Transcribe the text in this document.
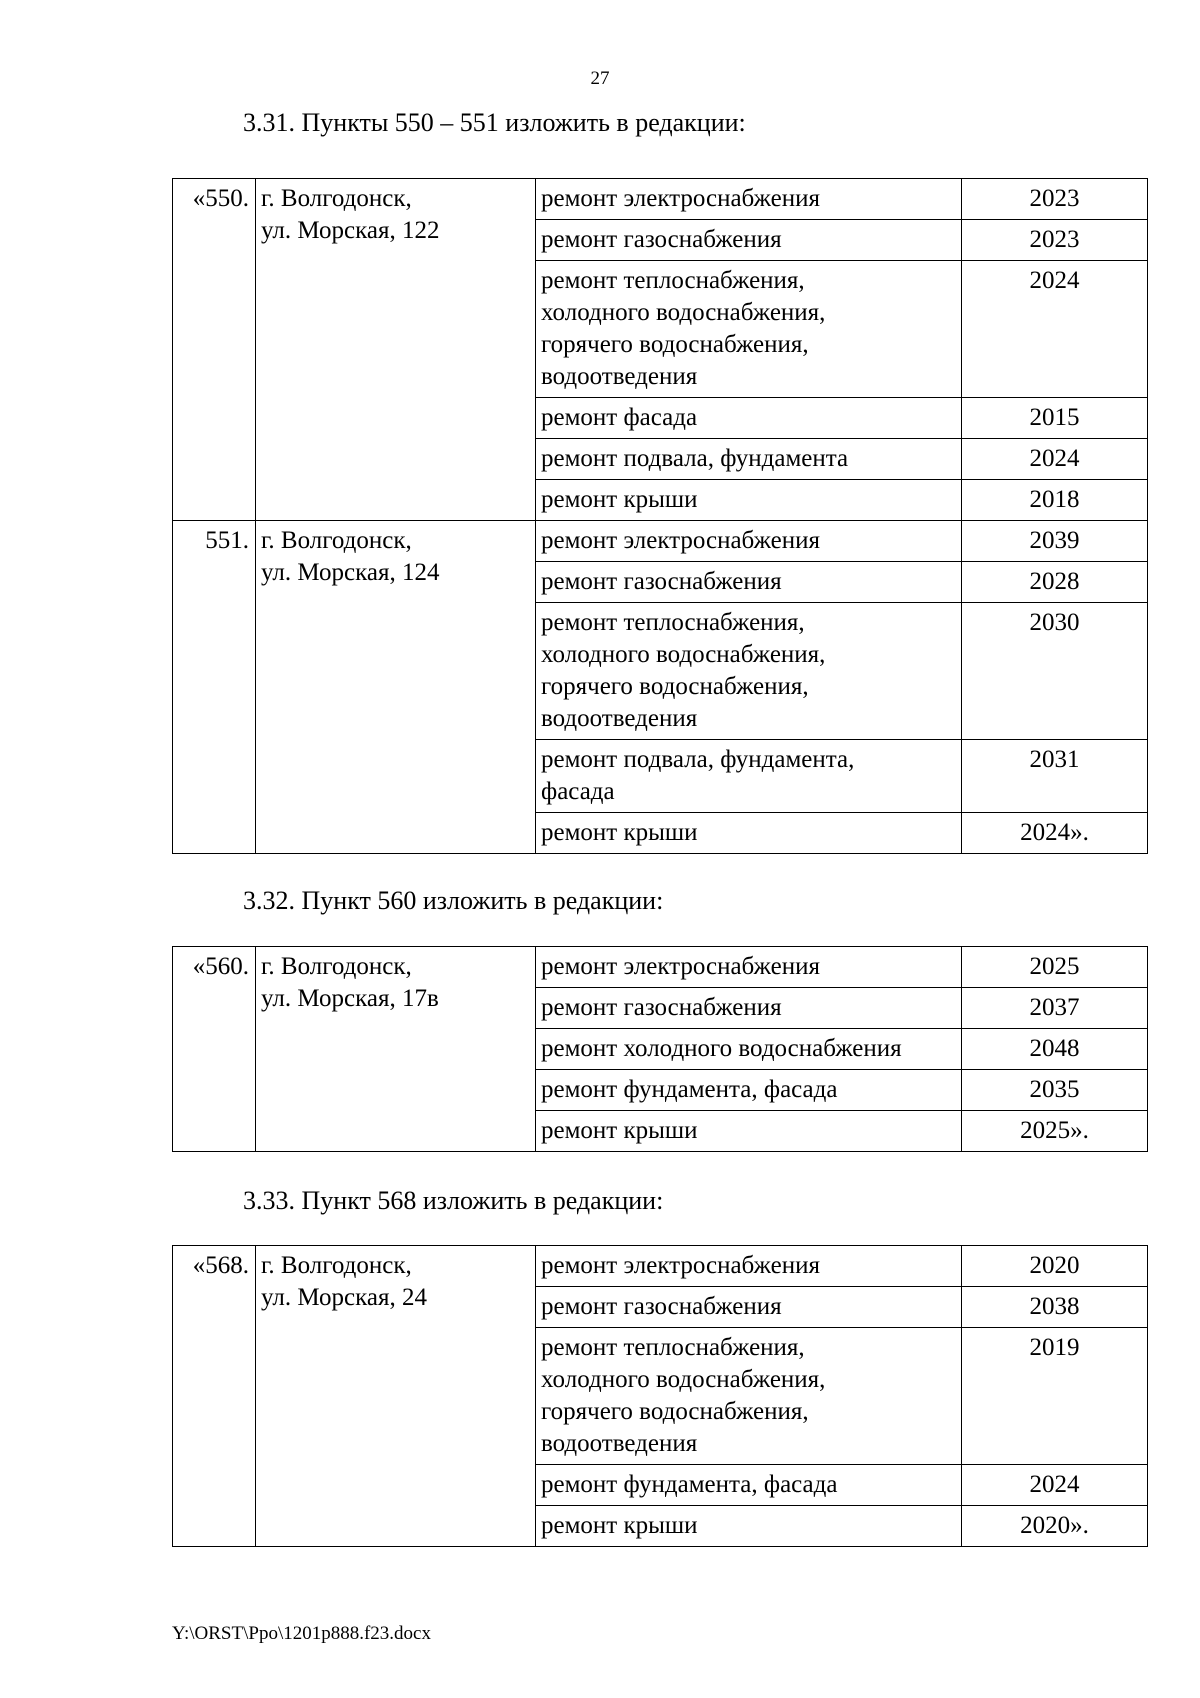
27
3.31. Пункты 550 – 551 изложить в редакции:
«550.	г. Волгодонск,
ул. Морская, 122	ремонт электроснабжения	2023

		ремонт газоснабжения	2023

		ремонт теплоснабжения,
холодного водоснабжения,
горячего водоснабжения,
водоотведения	2024

		ремонт фасада	2015

		ремонт подвала, фундамента	2024

		ремонт крыши	2018
551.	г. Волгодонск,
ул. Морская, 124	ремонт электроснабжения	2039

		ремонт газоснабжения	2028

		ремонт теплоснабжения,
холодного водоснабжения,
горячего водоснабжения,
водоотведения	2030

		ремонт подвала, фундамента,
фасада	2031

		ремонт крыши	2024».
3.32. Пункт 560 изложить в редакции:
«560.	г. Волгодонск,
ул. Морская, 17в	ремонт электроснабжения	2025

		ремонт газоснабжения	2037

		ремонт холодного водоснабжения	2048

		ремонт фундамента, фасада	2035

		ремонт крыши	2025».
3.33. Пункт 568 изложить в редакции:
«568.	г. Волгодонск,
ул. Морская, 24	ремонт электроснабжения	2020

		ремонт газоснабжения	2038

		ремонт теплоснабжения,
холодного водоснабжения,
горячего водоснабжения,
водоотведения	2019

		ремонт фундамента, фасада	2024

		ремонт крыши	2020».
Y:\ORST\Ppo\1201p888.f23.docx
